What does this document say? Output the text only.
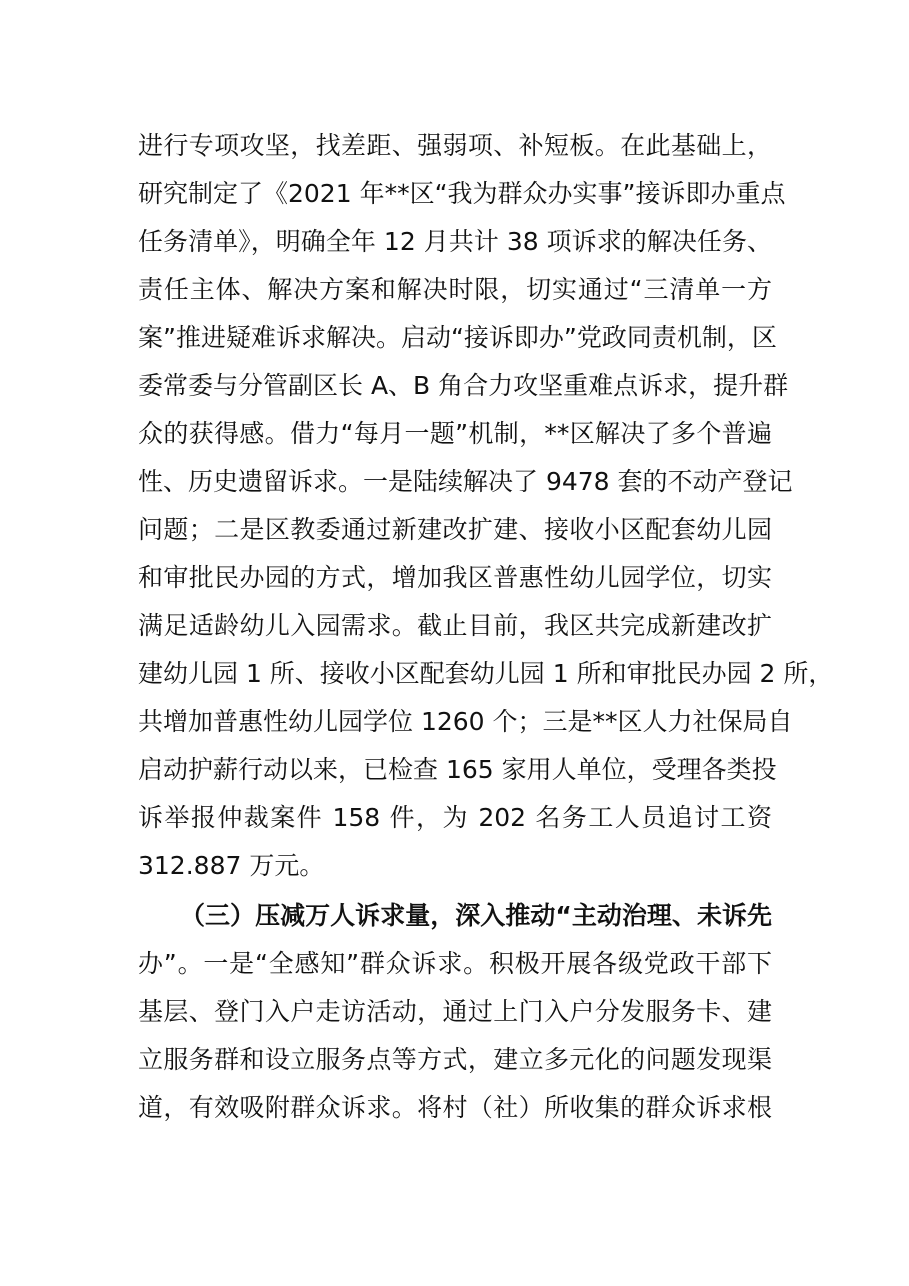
进行专项攻坚，找差距、强弱项、补短板。在此基础上，
研究制定了《2021 年**区“我为群众办实事”接诉即办重点
任务清单》，明确全年 12 月共计 38 项诉求的解决任务、
责任主体、解决方案和解决时限，切实通过“三清单一方
案”推进疑难诉求解决。启动“接诉即办”党政同责机制，区
委常委与分管副区长 A、B 角合力攻坚重难点诉求，提升群
众的获得感。借力“每月一题”机制，**区解决了多个普遍
性、历史遗留诉求。一是陆续解决了 9478 套的不动产登记
问题；二是区教委通过新建改扩建、接收小区配套幼儿园
和审批民办园的方式，增加我区普惠性幼儿园学位，切实
满足适龄幼儿入园需求。截止目前，我区共完成新建改扩
建幼儿园 1 所、接收小区配套幼儿园 1 所和审批民办园 2 所，
共增加普惠性幼儿园学位 1260 个；三是**区人力社保局自
启动护薪行动以来，已检查 165 家用人单位，受理各类投
诉举报仲裁案件 158 件，为 202 名务工人员追讨工资
312.887 万元。
（三）压减万人诉求量，深入推动“主动治理、未诉先
办”。一是“全感知”群众诉求。积极开展各级党政干部下
基层、登门入户走访活动，通过上门入户分发服务卡、建
立服务群和设立服务点等方式，建立多元化的问题发现渠
道，有效吸附群众诉求。将村（社）所收集的群众诉求根
